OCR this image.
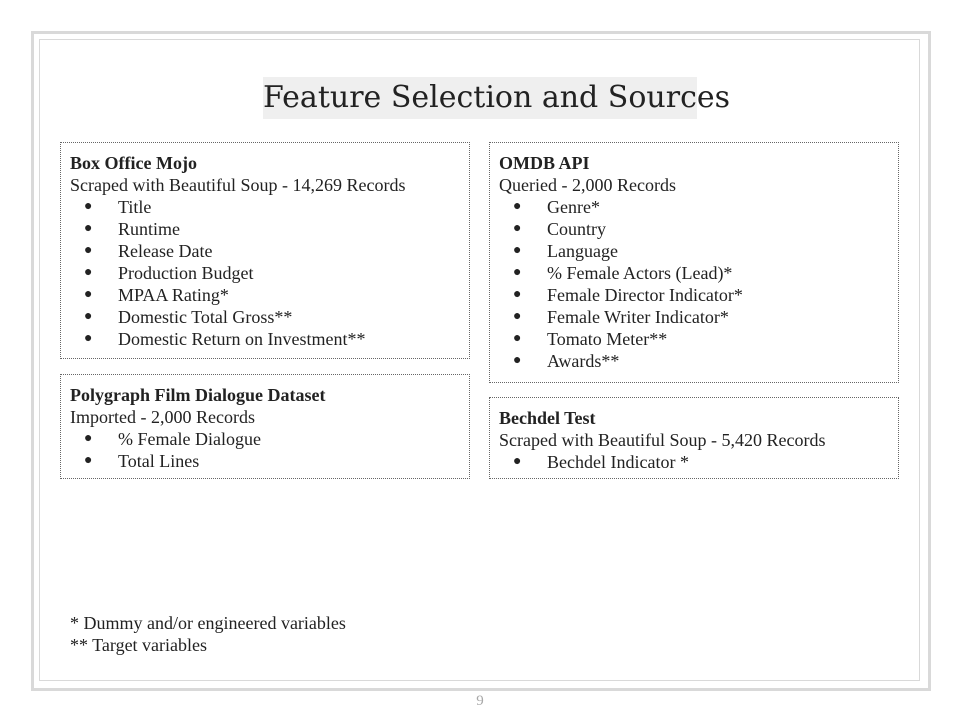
Feature Selection and Sources
Box Office Mojo
Scraped with Beautiful Soup - 14,269 Records
● Title
● Runtime
● Release Date
● Production Budget
● MPAA Rating*
● Domestic Total Gross**
● Domestic Return on Investment**
OMDB API
Queried - 2,000 Records
● Genre*
● Country
● Language
● % Female Actors (Lead)*
● Female Director Indicator*
● Female Writer Indicator*
● Tomato Meter**
● Awards**
Polygraph Film Dialogue Dataset
Imported - 2,000 Records
● % Female Dialogue
● Total Lines
Bechdel Test
Scraped with Beautiful Soup - 5,420 Records
● Bechdel Indicator *
* Dummy and/or engineered variables
** Target variables
9
